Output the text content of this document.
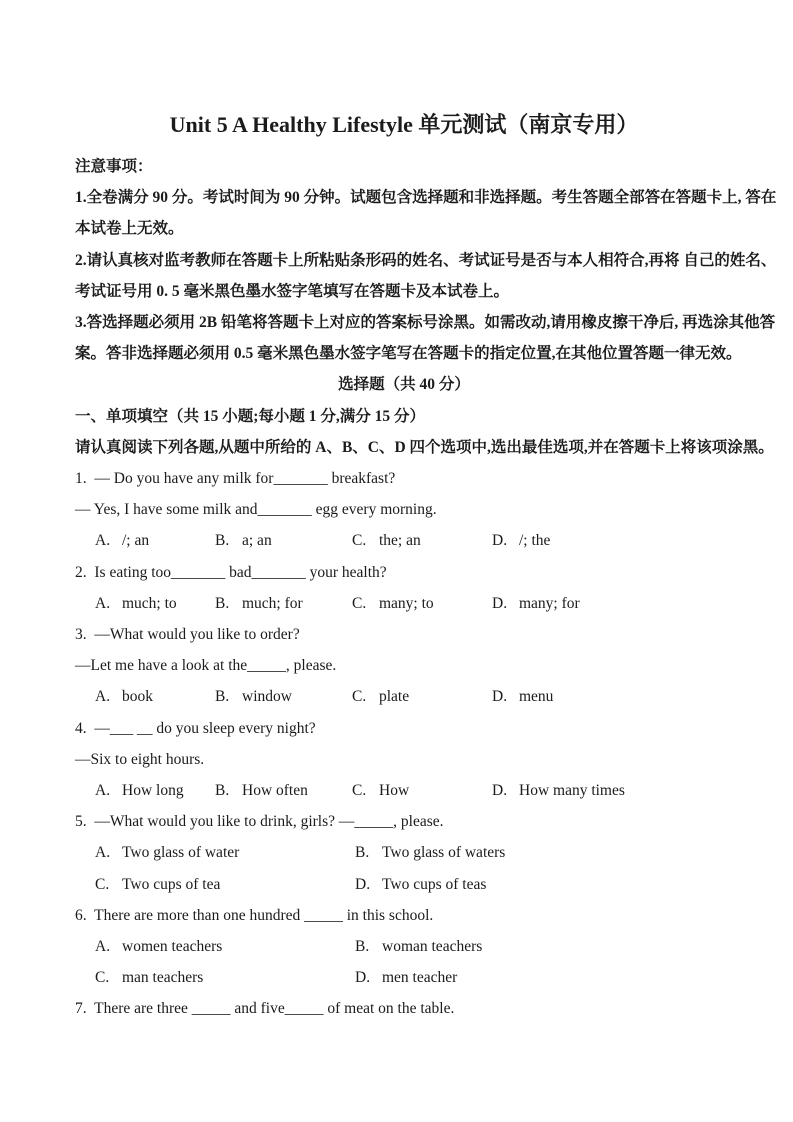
Unit 5 A Healthy Lifestyle 单元测试（南京专用）
注意事项：
1.全卷满分 90 分。考试时间为 90 分钟。试题包含选择题和非选择题。考生答题全部答在答题卡上, 答在
本试卷上无效。
2.请认真核对监考教师在答题卡上所粘贴条形码的姓名、考试证号是否与本人相符合,再将 自己的姓名、
考试证号用 0. 5 毫米黑色墨水签字笔填写在答题卡及本试卷上。
3.答选择题必须用 2B 铅笔将答题卡上对应的答案标号涂黑。如需改动,请用橡皮擦干净后, 再选涂其他答
案。答非选择题必须用 0.5 毫米黑色墨水签字笔写在答题卡的指定位置,在其他位置答题一律无效。
选择题（共 40 分）
一、单项填空（共 15 小题;每小题 1 分,满分 15 分）
请认真阅读下列各题,从题中所给的 A、B、C、D 四个选项中,选出最佳选项,并在答题卡上将该项涂黑。
1.  — Do you have any milk for_______ breakfast?
— Yes, I have some milk and_______ egg every morning.
A. /; an	B. a; an	C. the; an	D. /; the
2.  Is eating too_______ bad_______ your health?
A. much; to B. much; for	C. many; to	D. many; for
3.  —What would you like to order?
—Let me have a look at the_____, please.
A. book	B. window	C. plate	D. menu
4.  —___ __ do you sleep every night?
—Six to eight hours.
A. How long B. How often	C. How	D. How many times
5.  —What would you like to drink, girls? —_____, please.
A. Two glass of water	B. Two glass of waters
C. Two cups of tea	D. Two cups of teas
6.  There are more than one hundred _____ in this school.
A. women teachers	B. woman teachers
C. man teachers	D. men teacher
7.  There are three _____ and five_____ of meat on the table.
